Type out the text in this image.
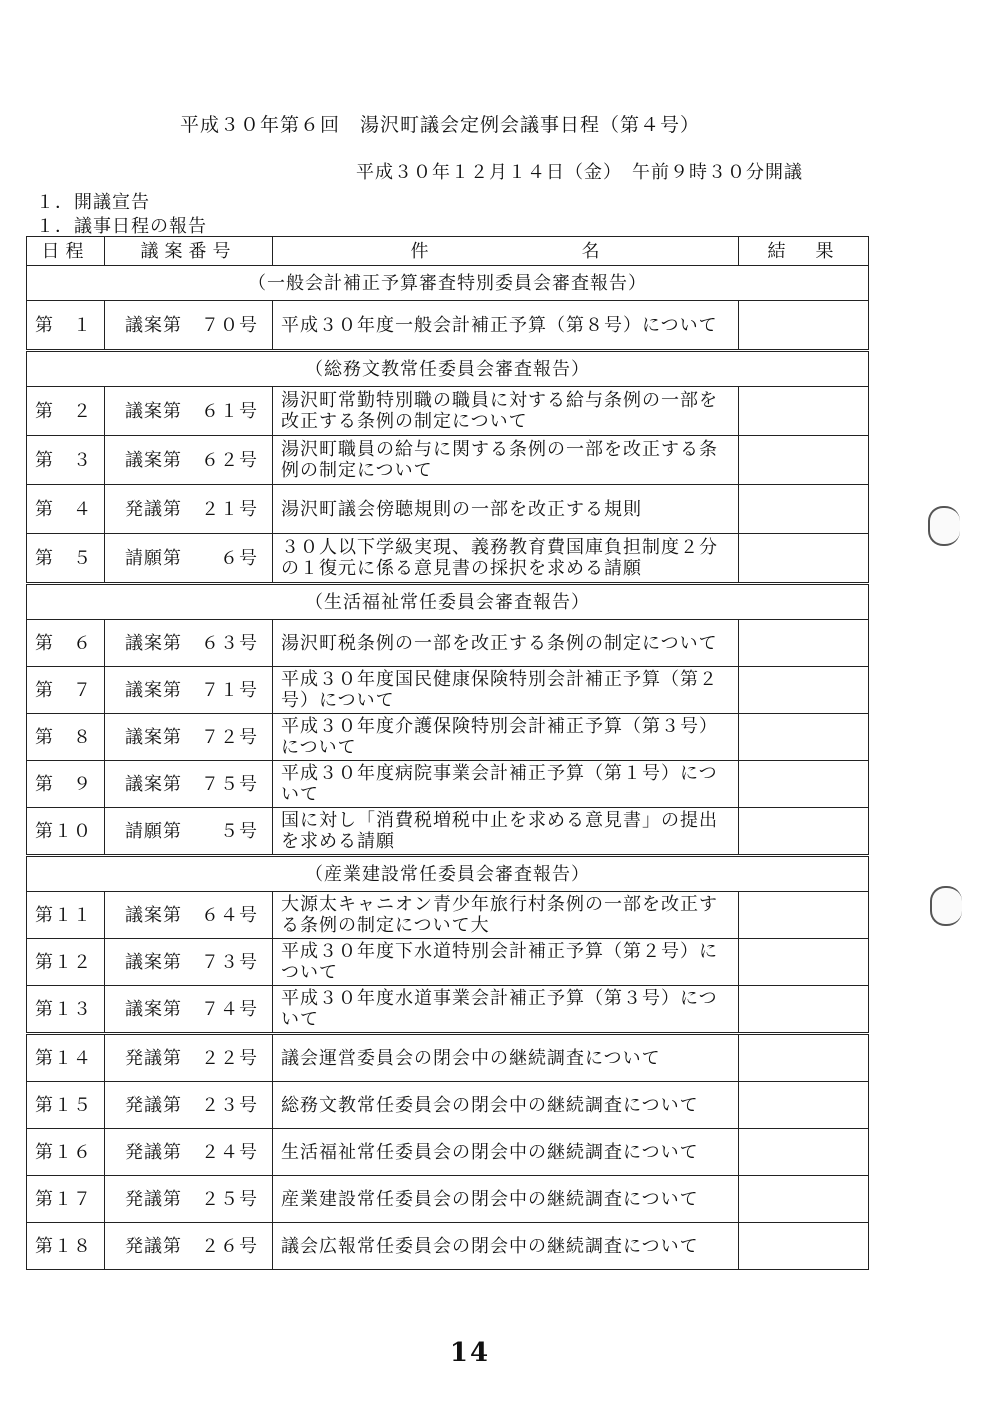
平成３０年第６回　湯沢町議会定例会議事日程（第４号）
平成３０年１２月１４日（金）　午前９時３０分開議
１．開議宣告
１．議事日程の報告
日程	議案番号	件　　　　　　　　名	結　果
（一般会計補正予算審査特別委員会審査報告）			
第　１	議案第　７０号	平成３０年度一般会計補正予算（第８号）について	
（総務文教常任委員会審査報告）			
第　２	議案第　６１号	湯沢町常勤特別職の職員に対する給与条例の一部を改正する条例の制定について	
第　３	議案第　６２号	湯沢町職員の給与に関する条例の一部を改正する条例の制定について	
第　４	発議第　２１号	湯沢町議会傍聴規則の一部を改正する規則	
第　５	請願第　　６号	３０人以下学級実現、義務教育費国庫負担制度２分の１復元に係る意見書の採択を求める請願	
（生活福祉常任委員会審査報告）			
第　６	議案第　６３号	湯沢町税条例の一部を改正する条例の制定について	
第　７	議案第　７１号	平成３０年度国民健康保険特別会計補正予算（第２号）について	
第　８	議案第　７２号	平成３０年度介護保険特別会計補正予算（第３号）について	
第　９	議案第　７５号	平成３０年度病院事業会計補正予算（第１号）について	
第１０	請願第　　５号	国に対し「消費税増税中止を求める意見書」の提出を求める請願	
（産業建設常任委員会審査報告）			
第１１	議案第　６４号	大源太キャニオン青少年旅行村条例の一部を改正する条例の制定について大	
第１２	議案第　７３号	平成３０年度下水道特別会計補正予算（第２号）について	
第１３	議案第　７４号	平成３０年度水道事業会計補正予算（第３号）について	
第１４	発議第　２２号	議会運営委員会の閉会中の継続調査について	
第１５	発議第　２３号	総務文教常任委員会の閉会中の継続調査について	
第１６	発議第　２４号	生活福祉常任委員会の閉会中の継続調査について	
第１７	発議第　２５号	産業建設常任委員会の閉会中の継続調査について	
第１８	発議第　２６号	議会広報常任委員会の閉会中の継続調査について	
14
